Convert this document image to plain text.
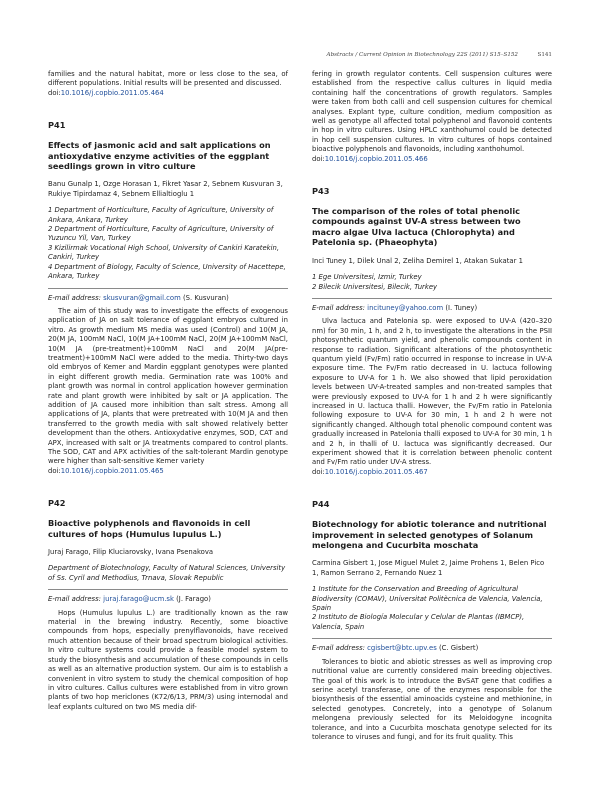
Abstracts / Current Opinion in Biotechnology 22S (2011) S15–S152	S141

families and the natural habitat, more or less close to the sea, of different populations. Initial results will be presented and discussed.

doi:10.1016/j.copbio.2011.05.464

P41
Effects of jasmonic acid and salt applications on antioxydative enzyme activities of the eggplant seedlings grown in vitro culture
Banu Gunalp 1, Ozge Horasan 1, Fikret Yasar 2, Sebnem Kusvuran 3, Rukiye Tipirdamaz 4, Sebnem Ellialtioglu 1

1 Department of Horticulture, Faculty of Agriculture, University of Ankara, Ankara, Turkey

2 Department of Horticulture, Faculty of Agriculture, University of Yuzuncu Yil, Van, Turkey

3 Kizilirmak Vocational High School, University of Cankiri Karatekin, Cankiri, Turkey

4 Department of Biology, Faculty of Science, University of Hacettepe, Ankara, Turkey

E-mail address: skusvuran@gmail.com (S. Kusvuran)

The aim of this study was to investigate the effects of exogenous application of JA on salt tolerance of eggplant embryos cultured in vitro. As growth medium MS media was used (Control) and 10(M JA, 20(M JA, 100mM NaCl, 10(M JA+100mM NaCl, 20(M JA+100mM NaCl, 10(M JA (pre-treatment)+100mM NaCl and 20(M JA(pre-treatment)+100mM NaCl were added to the media. Thirty-two days old embryos of Kemer and Mardin eggplant genotypes were planted in eight different growth media. Germination rate was 100% and plant growth was normal in control application however germination rate and plant growth were inhibited by salt or JA application. The addition of JA caused more inhibition than salt stress. Among all applications of JA, plants that were pretreated with 10(M JA and then transferred to the growth media with salt showed relatively better development than the others. Antioxydative enzymes, SOD, CAT and APX, increased with salt or JA treatments compared to control plants. The SOD, CAT and APX activities of the salt-tolerant Mardin genotype were higher than salt-sensitive Kemer variety

doi:10.1016/j.copbio.2011.05.465

P42
Bioactive polyphenols and flavonoids in cell cultures of hops (Humulus lupulus L.)
Juraj Farago, Filip Kluciarovsky, Ivana Psenakova

Department of Biotechnology, Faculty of Natural Sciences, University of Ss. Cyril and Methodius, Trnava, Slovak Republic

E-mail address: juraj.farago@ucm.sk (J. Farago)

Hops (Humulus lupulus L.) are traditionally known as the raw material in the brewing industry. Recently, some bioactive compounds from hops, especially prenylflavonoids, have received much attention because of their broad spectrum biological activities. In vitro culture systems could provide a feasible model system to study the biosynthesis and accumulation of these compounds in cells as well as an alternative production system. Our aim is to establish a convenient in vitro system to study the chemical composition of hop in vitro cultures. Callus cultures were established from in vitro grown plants of two hop mericlones (K72/6/13, PRM/3) using internodal and leaf explants cultured on two MS media dif-

fering in growth regulator contents. Cell suspension cultures were established from the respective callus cultures in liquid media containing half the concentrations of growth regulators. Samples were taken from both calli and cell suspension cultures for chemical analyses. Explant type, culture condition, medium composition as well as genotype all affected total polyphenol and flavonoid contents in hop in vitro cultures. Using HPLC xanthohumol could be detected in hop cell suspension cultures. In vitro cultures of hops contained bioactive polyphenols and flavonoids, including xanthohumol.

doi:10.1016/j.copbio.2011.05.466

P43
The comparison of the roles of total phenolic compounds against UV-A stress between two macro algae Ulva lactuca (Chlorophyta) and Patelonia sp. (Phaeophyta)
Inci Tuney 1, Dilek Unal 2, Zeliha Demirel 1, Atakan Sukatar 1

1 Ege Universitesi, Izmir, Turkey

2 Bilecik Universitesi, Bilecik, Turkey

E-mail address: incituney@yahoo.com (I. Tuney)

Ulva lactuca and Patelonia sp. were exposed to UV-A (420–320 nm) for 30 min, 1 h, and 2 h, to investigate the alterations in the PSII photosynthetic quantum yield, and phenolic compounds content in response to radiation. Significant alterations of the photosynthetic quantum yield (Fv/Fm) ratio occurred in response to increase in UV-A exposure time. The Fv/Fm ratio decreased in U. lactuca following exposure to UV-A for 1 h. We also showed that lipid peroxidation levels between UV-A-treated samples and non-treated samples that were previously exposed to UV-A for 1 h and 2 h were significantly increased in U. lactuca thalli. However, the Fv/Fm ratio in Patelonia following exposure to UV-A for 30 min, 1 h and 2 h were not significantly changed. Although total phenolic compound content was gradually increased in Patelonia thalli exposed to UV-A for 30 min, 1 h and 2 h, in thalli of U. lactuca was significantly decreased. Our experiment showed that it is correlation between phenolic content and Fv/Fm ratio under UV-A stress.

doi:10.1016/j.copbio.2011.05.467

P44
Biotechnology for abiotic tolerance and nutritional improvement in selected genotypes of Solanum melongena and Cucurbita moschata
Carmina Gisbert 1, Jose Miguel Mulet 2, Jaime Prohens 1, Belen Pico 1, Ramon Serrano 2, Fernando Nuez 1

1 Institute for the Conservation and Breeding of Agricultural Biodiversity (COMAV), Universitat Politècnica de Valencia, Valencia, Spain

2 Instituto de Biología Molecular y Celular de Plantas (IBMCP), Valencia, Spain

E-mail address: cgisbert@btc.upv.es (C. Gisbert)

Tolerances to biotic and abiotic stresses as well as improving crop nutritional value are currently considered main breeding objectives. The goal of this work is to introduce the BvSAT gene that codifies a serine acetyl transferase, one of the enzymes responsible for the biosynthesis of the essential aminoacids cysteine and methionine, in selected genotypes. Concretely, into a genotype of Solanum melongena previously selected for its Meloidogyne incognita tolerance, and into a Cucurbita moschata genotype selected for its tolerance to viruses and fungi, and for its fruit quality. This
